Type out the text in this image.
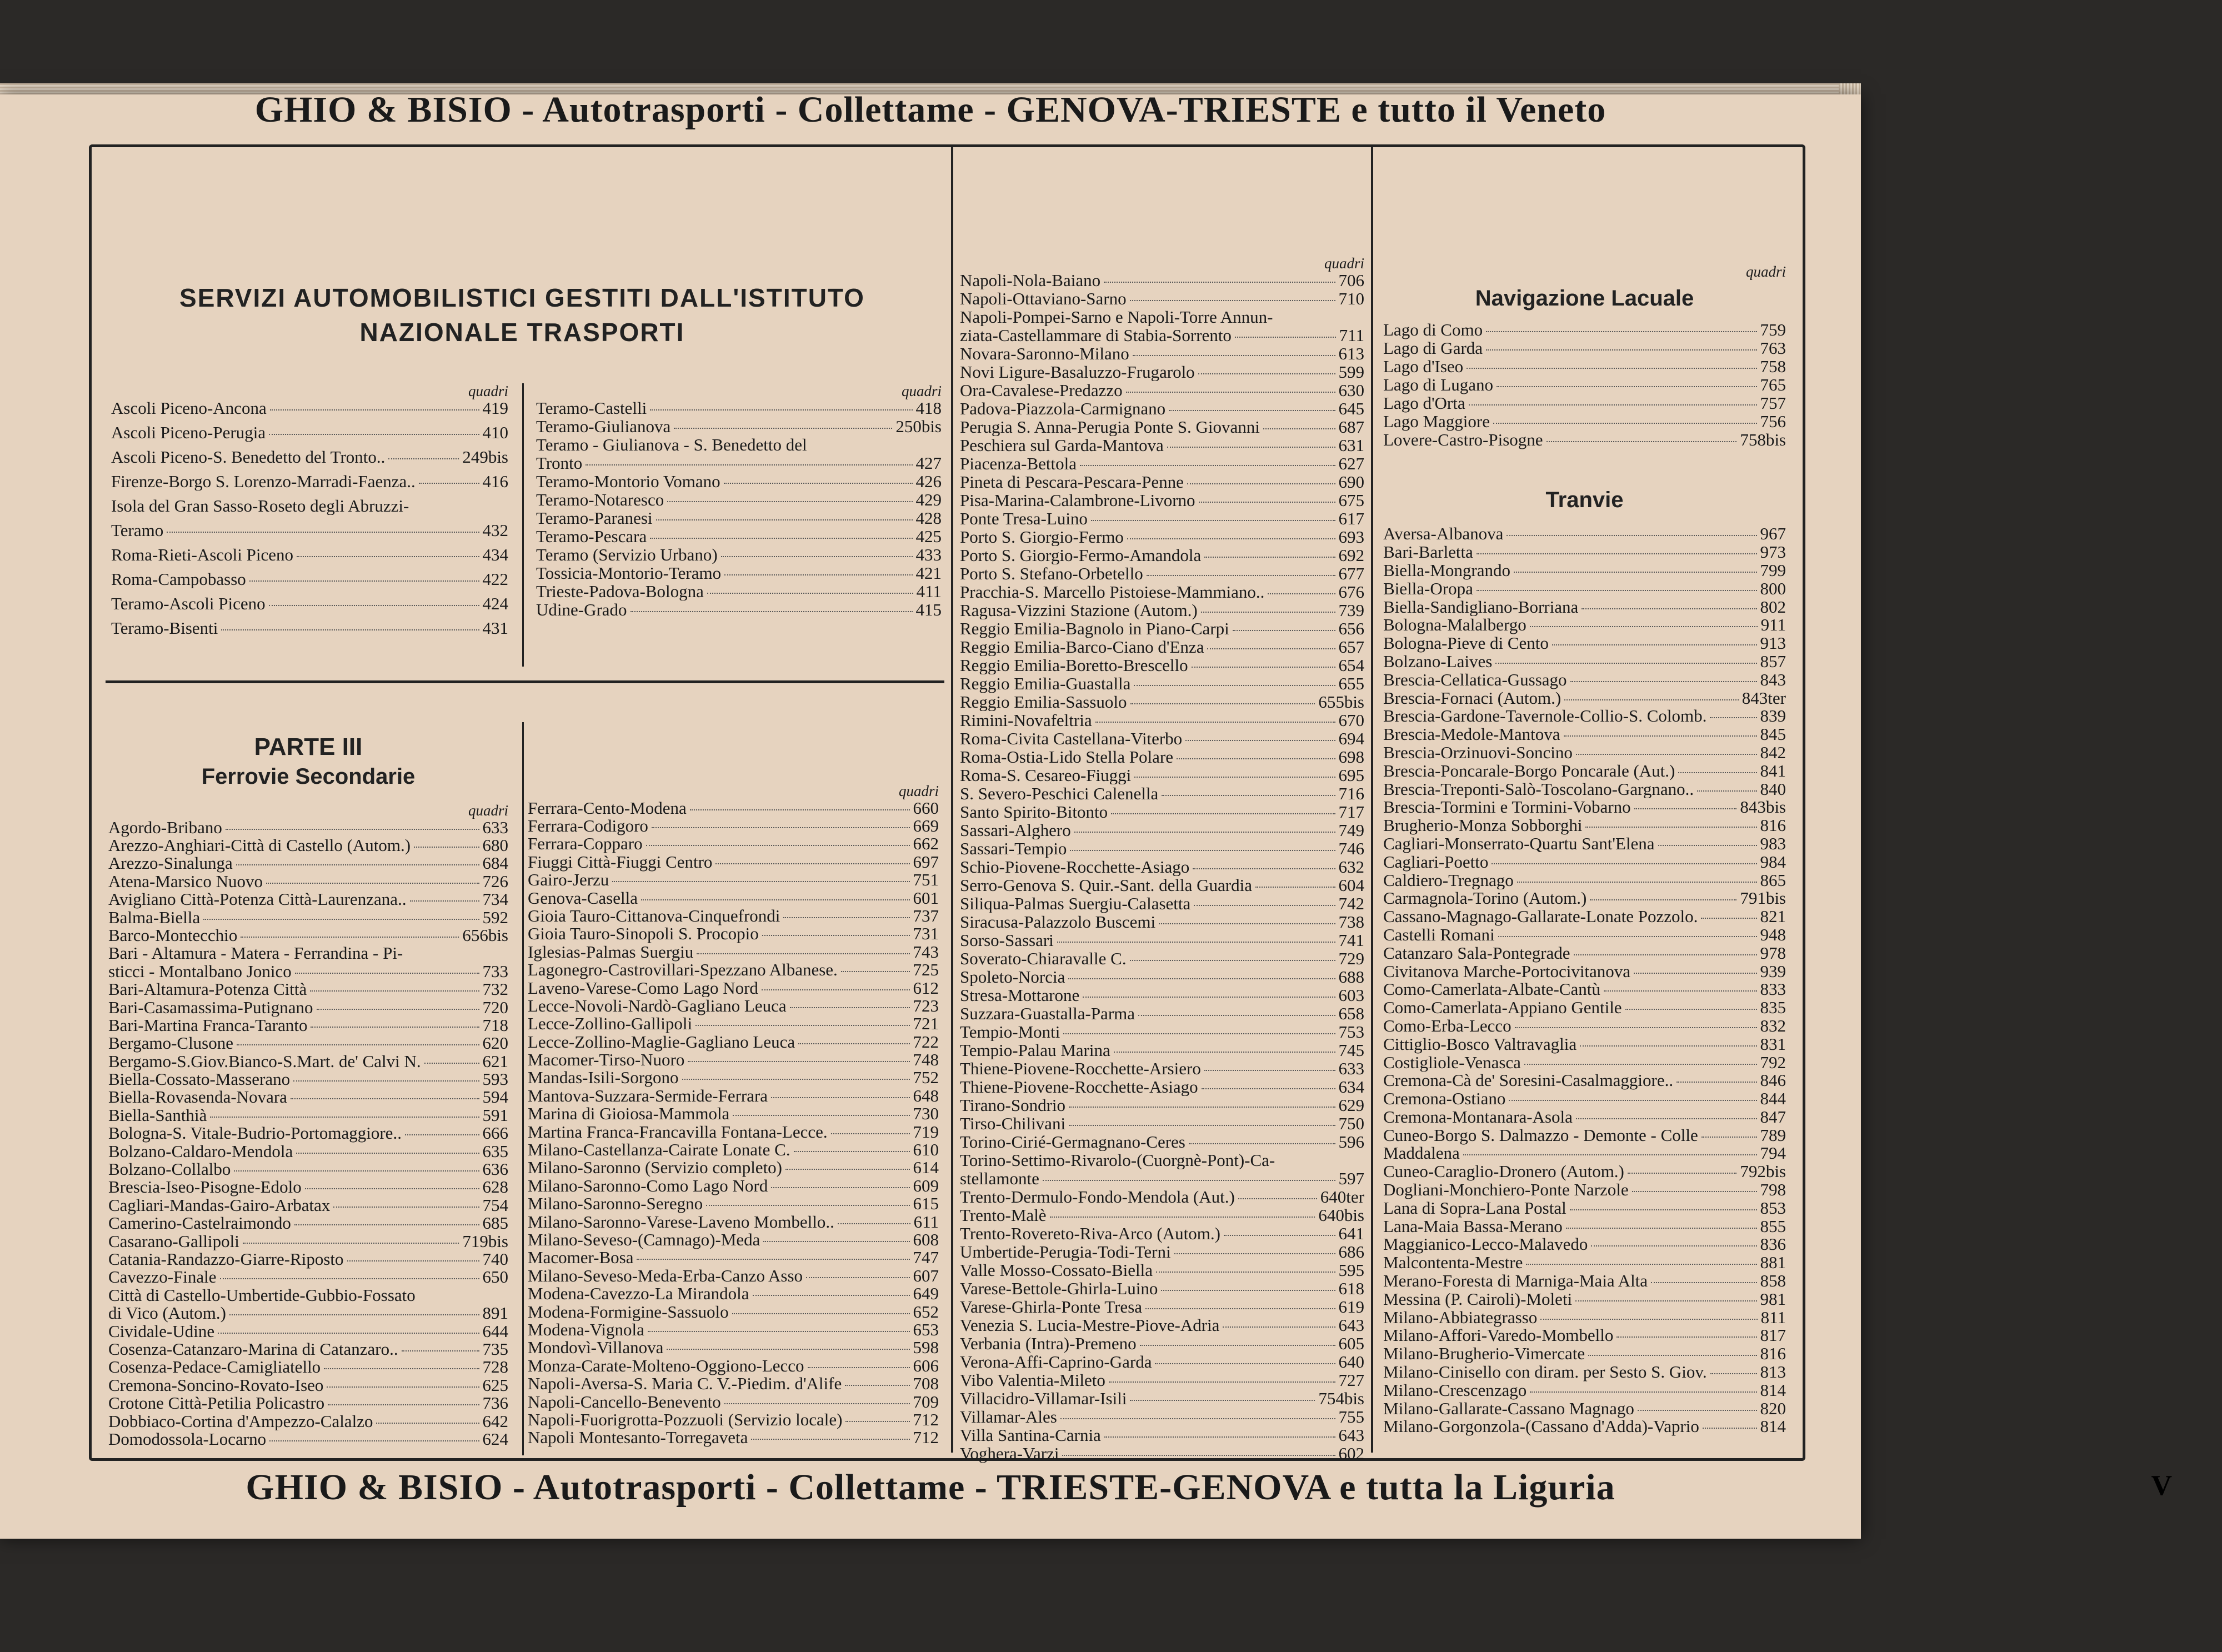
GHIO & BISIO - Autotrasporti - Collettame - GENOVA-TRIESTE e tutto il Veneto
SERVIZI AUTOMOBILISTICI GESTITI DALL'ISTITUTO
NAZIONALE TRASPORTI
quadri
Ascoli Piceno-Ancona	419
Ascoli Piceno-Perugia	410
Ascoli Piceno-S. Benedetto del Tronto..	249bis
Firenze-Borgo S. Lorenzo-Marradi-Faenza..	416
Isola del Gran Sasso-Roseto degli Abruzzi-
Teramo	432
Roma-Rieti-Ascoli Piceno	434
Roma-Campobasso	422
Teramo-Ascoli Piceno	424
Teramo-Bisenti	431
quadri
Teramo-Castelli	418
Teramo-Giulianova	250bis
Teramo - Giulianova - S. Benedetto del
Tronto	427
Teramo-Montorio Vomano	426
Teramo-Notaresco	429
Teramo-Paranesi	428
Teramo-Pescara	425
Teramo (Servizio Urbano)	433
Tossicia-Montorio-Teramo	421
Trieste-Padova-Bologna	411
Udine-Grado	415
PARTE III
Ferrovie Secondarie
quadri
Agordo-Bribano	633
Arezzo-Anghiari-Città di Castello (Autom.)	680
Arezzo-Sinalunga	684
Atena-Marsico Nuovo	726
Avigliano Città-Potenza Città-Laurenzana..	734
Balma-Biella	592
Barco-Montecchio	656bis
Bari - Altamura - Matera - Ferrandina - Pi-
sticci - Montalbano Jonico	733
Bari-Altamura-Potenza Città	732
Bari-Casamassima-Putignano	720
Bari-Martina Franca-Taranto	718
Bergamo-Clusone	620
Bergamo-S.Giov.Bianco-S.Mart. de' Calvi N.	621
Biella-Cossato-Masserano	593
Biella-Rovasenda-Novara	594
Biella-Santhià	591
Bologna-S. Vitale-Budrio-Portomaggiore..	666
Bolzano-Caldaro-Mendola	635
Bolzano-Collalbo	636
Brescia-Iseo-Pisogne-Edolo	628
Cagliari-Mandas-Gairo-Arbatax	754
Camerino-Castelraimondo	685
Casarano-Gallipoli	719bis
Catania-Randazzo-Giarre-Riposto	740
Cavezzo-Finale	650
Città di Castello-Umbertide-Gubbio-Fossato
di Vico (Autom.)	891
Cividale-Udine	644
Cosenza-Catanzaro-Marina di Catanzaro..	735
Cosenza-Pedace-Camigliatello	728
Cremona-Soncino-Rovato-Iseo	625
Crotone Città-Petilia Policastro	736
Dobbiaco-Cortina d'Ampezzo-Calalzo	642
Domodossola-Locarno	624
quadri
Ferrara-Cento-Modena	660
Ferrara-Codigoro	669
Ferrara-Copparo	662
Fiuggi Città-Fiuggi Centro	697
Gairo-Jerzu	751
Genova-Casella	601
Gioia Tauro-Cittanova-Cinquefrondi	737
Gioia Tauro-Sinopoli S. Procopio	731
Iglesias-Palmas Suergiu	743
Lagonegro-Castrovillari-Spezzano Albanese.	725
Laveno-Varese-Como Lago Nord	612
Lecce-Novoli-Nardò-Gagliano Leuca	723
Lecce-Zollino-Gallipoli	721
Lecce-Zollino-Maglie-Gagliano Leuca	722
Macomer-Tirso-Nuoro	748
Mandas-Isili-Sorgono	752
Mantova-Suzzara-Sermide-Ferrara	648
Marina di Gioiosa-Mammola	730
Martina Franca-Francavilla Fontana-Lecce.	719
Milano-Castellanza-Cairate Lonate C.	610
Milano-Saronno (Servizio completo)	614
Milano-Saronno-Como Lago Nord	609
Milano-Saronno-Seregno	615
Milano-Saronno-Varese-Laveno Mombello..	611
Milano-Seveso-(Camnago)-Meda	608
Macomer-Bosa	747
Milano-Seveso-Meda-Erba-Canzo Asso	607
Modena-Cavezzo-La Mirandola	649
Modena-Formigine-Sassuolo	652
Modena-Vignola	653
Mondovì-Villanova	598
Monza-Carate-Molteno-Oggiono-Lecco	606
Napoli-Aversa-S. Maria C. V.-Piedim. d'Alife	708
Napoli-Cancello-Benevento	709
Napoli-Fuorigrotta-Pozzuoli (Servizio locale)	712
Napoli Montesanto-Torregaveta	712
quadri
Napoli-Nola-Baiano	706
Napoli-Ottaviano-Sarno	710
Napoli-Pompei-Sarno e Napoli-Torre Annun-
ziata-Castellammare di Stabia-Sorrento	711
Novara-Saronno-Milano	613
Novi Ligure-Basaluzzo-Frugarolo	599
Ora-Cavalese-Predazzo	630
Padova-Piazzola-Carmignano	645
Perugia S. Anna-Perugia Ponte S. Giovanni	687
Peschiera sul Garda-Mantova	631
Piacenza-Bettola	627
Pineta di Pescara-Pescara-Penne	690
Pisa-Marina-Calambrone-Livorno	675
Ponte Tresa-Luino	617
Porto S. Giorgio-Fermo	693
Porto S. Giorgio-Fermo-Amandola	692
Porto S. Stefano-Orbetello	677
Pracchia-S. Marcello Pistoiese-Mammiano..	676
Ragusa-Vizzini Stazione (Autom.)	739
Reggio Emilia-Bagnolo in Piano-Carpi	656
Reggio Emilia-Barco-Ciano d'Enza	657
Reggio Emilia-Boretto-Brescello	654
Reggio Emilia-Guastalla	655
Reggio Emilia-Sassuolo	655bis
Rimini-Novafeltria	670
Roma-Civita Castellana-Viterbo	694
Roma-Ostia-Lido Stella Polare	698
Roma-S. Cesareo-Fiuggi	695
S. Severo-Peschici Calenella	716
Santo Spirito-Bitonto	717
Sassari-Alghero	749
Sassari-Tempio	746
Schio-Piovene-Rocchette-Asiago	632
Serro-Genova S. Quir.-Sant. della Guardia	604
Siliqua-Palmas Suergiu-Calasetta	742
Siracusa-Palazzolo Buscemi	738
Sorso-Sassari	741
Soverato-Chiaravalle C.	729
Spoleto-Norcia	688
Stresa-Mottarone	603
Suzzara-Guastalla-Parma	658
Tempio-Monti	753
Tempio-Palau Marina	745
Thiene-Piovene-Rocchette-Arsiero	633
Thiene-Piovene-Rocchette-Asiago	634
Tirano-Sondrio	629
Tirso-Chilivani	750
Torino-Cirié-Germagnano-Ceres	596
Torino-Settimo-Rivarolo-(Cuorgnè-Pont)-Ca-
stellamonte	597
Trento-Dermulo-Fondo-Mendola (Aut.)	640ter
Trento-Malè	640bis
Trento-Rovereto-Riva-Arco (Autom.)	641
Umbertide-Perugia-Todi-Terni	686
Valle Mosso-Cossato-Biella	595
Varese-Bettole-Ghirla-Luino	618
Varese-Ghirla-Ponte Tresa	619
Venezia S. Lucia-Mestre-Piove-Adria	643
Verbania (Intra)-Premeno	605
Verona-Affi-Caprino-Garda	640
Vibo Valentia-Mileto	727
Villacidro-Villamar-Isili	754bis
Villamar-Ales	755
Villa Santina-Carnia	643
Voghera-Varzi	602
quadri
Navigazione Lacuale
Lago di Como	759
Lago di Garda	763
Lago d'Iseo	758
Lago di Lugano	765
Lago d'Orta	757
Lago Maggiore	756
Lovere-Castro-Pisogne	758bis
Tranvie
Aversa-Albanova	967
Bari-Barletta	973
Biella-Mongrando	799
Biella-Oropa	800
Biella-Sandigliano-Borriana	802
Bologna-Malalbergo	911
Bologna-Pieve di Cento	913
Bolzano-Laives	857
Brescia-Cellatica-Gussago	843
Brescia-Fornaci (Autom.)	843ter
Brescia-Gardone-Tavernole-Collio-S. Colomb.	839
Brescia-Medole-Mantova	845
Brescia-Orzinuovi-Soncino	842
Brescia-Poncarale-Borgo Poncarale (Aut.)	841
Brescia-Treponti-Salò-Toscolano-Gargnano..	840
Brescia-Tormini e Tormini-Vobarno	843bis
Brugherio-Monza Sobborghi	816
Cagliari-Monserrato-Quartu Sant'Elena	983
Cagliari-Poetto	984
Caldiero-Tregnago	865
Carmagnola-Torino (Autom.)	791bis
Cassano-Magnago-Gallarate-Lonate Pozzolo.	821
Castelli Romani	948
Catanzaro Sala-Pontegrade	978
Civitanova Marche-Portocivitanova	939
Como-Camerlata-Albate-Cantù	833
Como-Camerlata-Appiano Gentile	835
Como-Erba-Lecco	832
Cittiglio-Bosco Valtravaglia	831
Costigliole-Venasca	792
Cremona-Cà de' Soresini-Casalmaggiore..	846
Cremona-Ostiano	844
Cremona-Montanara-Asola	847
Cuneo-Borgo S. Dalmazzo - Demonte - Colle	789
Maddalena	794
Cuneo-Caraglio-Dronero (Autom.)	792bis
Dogliani-Monchiero-Ponte Narzole	798
Lana di Sopra-Lana Postal	853
Lana-Maia Bassa-Merano	855
Maggianico-Lecco-Malavedo	836
Malcontenta-Mestre	881
Merano-Foresta di Marniga-Maia Alta	858
Messina (P. Cairoli)-Moleti	981
Milano-Abbiategrasso	811
Milano-Affori-Varedo-Mombello	817
Milano-Brugherio-Vimercate	816
Milano-Cinisello con diram. per Sesto S. Giov.	813
Milano-Crescenzago	814
Milano-Gallarate-Cassano Magnago	820
Milano-Gorgonzola-(Cassano d'Adda)-Vaprio	814
GHIO & BISIO - Autotrasporti - Collettame - TRIESTE-GENOVA e tutta la Liguria	V
